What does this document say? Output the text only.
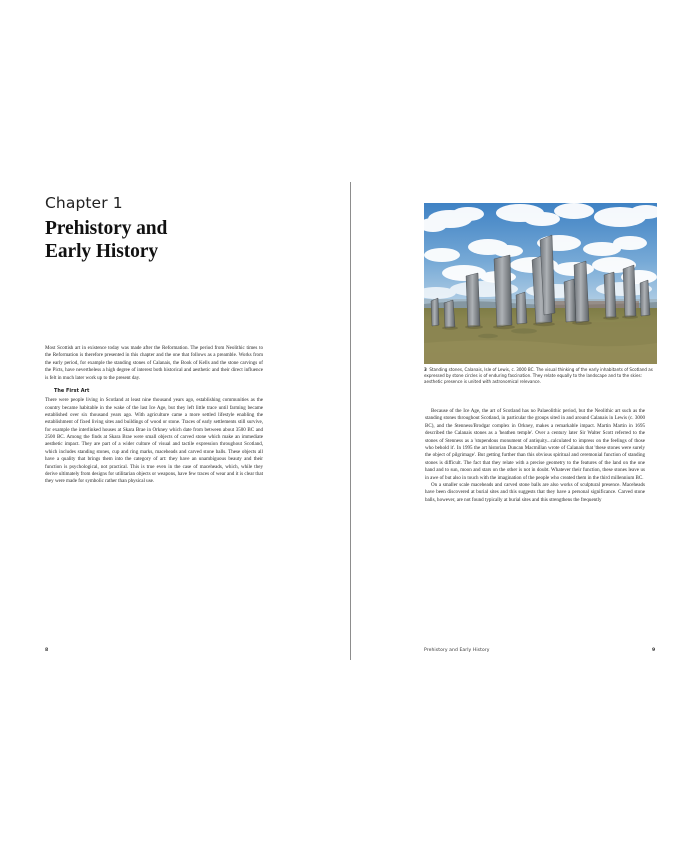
Chapter 1
Prehistory and
Early History

Most Scottish art in existence today was made after the Reformation. The period from Neolithic times to the Reformation is therefore presented in this chapter and the one that follows as a preamble. Works from the early period, for example the standing stones of Calanais, the Book of Kells and the stone carvings of the Picts, have nevertheless a high degree of interest both historical and aesthetic and their direct influence is felt in much later work up to the present day.

The First Art

There were people living in Scotland at least nine thousand years ago, establishing communities as the country became habitable in the wake of the last Ice Age, but they left little trace until farming became established over six thousand years ago. With agriculture came a more settled lifestyle enabling the establishment of fixed living sites and buildings of wood or stone. Traces of early settlements still survive, for example the interlinked houses at Skara Brae in Orkney which date from between about 3500 BC and 2500 BC. Among the finds at Skara Brae were small objects of carved stone which make an immediate aesthetic impact. They are part of a wider culture of visual and tactile expression throughout Scotland, which includes standing stones, cup and ring marks, maceheads and carved stone balls. These objects all have a quality that brings them into the category of art: they have an unambiguous beauty and their function is psychological, not practical. This is true even in the case of maceheads, which, while they derive ultimately from designs for utilitarian objects or weapons, have few traces of wear and it is clear that they were made for symbolic rather than physical use.

8
3 Standing stones, Calanais, Isle of Lewis, c. 3000 BC. The visual thinking of the early inhabitants of Scotland as expressed by stone circles is of enduring fascination. They relate equally to the landscape and to the skies: aesthetic presence is united with astronomical relevance.

Because of the Ice Age, the art of Scotland has no Palaeolithic period, but the Neolithic art such as the standing stones throughout Scotland, in particular the groups sited in and around Calanais in Lewis (c. 3000 BC), and the Stenness/Brodgar complex in Orkney, makes a remarkable impact. Martin Martin in 1695 described the Calanais stones as a 'heathen temple'. Over a century later Sir Walter Scott referred to the stones of Stenness as a 'stupendous monument of antiquity...calculated to impress on the feelings of those who behold it'. In 1995 the art historian Duncan Macmillan wrote of Calanais that 'these stones were surely the object of pilgrimage'. But getting further than this obvious spiritual and ceremonial function of standing stones is difficult. The fact that they relate with a precise geometry to the features of the land on the one hand and to sun, moon and stars on the other is not in doubt. Whatever their function, these stones leave us in awe of but also in touch with the imagination of the people who created them in the third millennium BC.

On a smaller scale maceheads and carved stone balls are also works of sculptural presence. Maceheads have been discovered at burial sites and this suggests that they have a personal significance. Carved stone balls, however, are not found typically at burial sites and this strengthens the frequently

Prehistory and Early History	9
